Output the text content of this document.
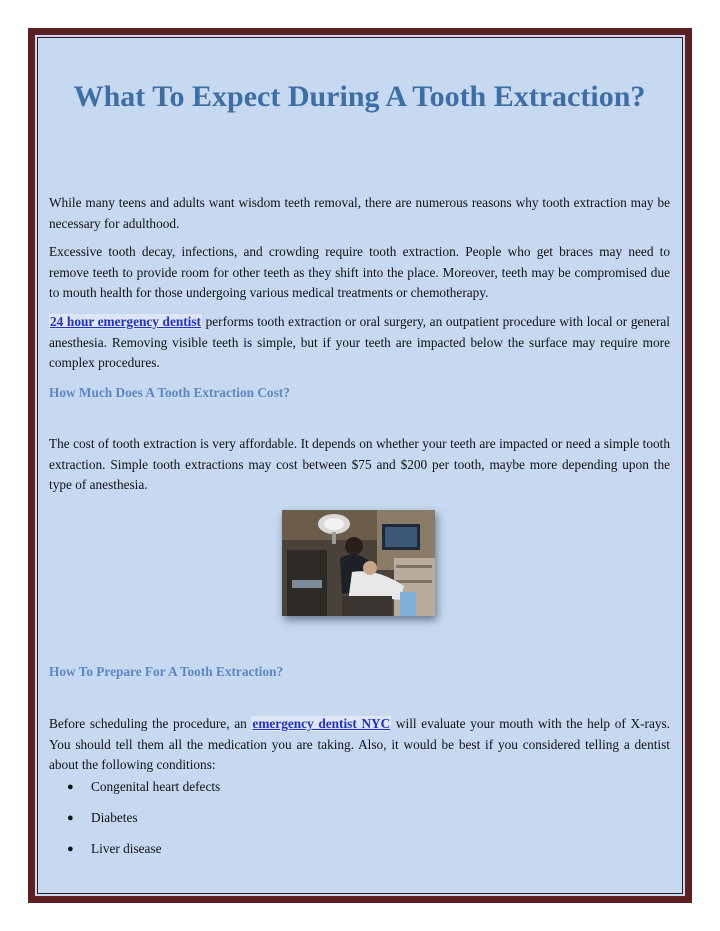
What To Expect During A Tooth Extraction?

While many teens and adults want wisdom teeth removal, there are numerous reasons why tooth extraction may be necessary for adulthood.

Excessive tooth decay, infections, and crowding require tooth extraction. People who get braces may need to remove teeth to provide room for other teeth as they shift into the place. Moreover, teeth may be compromised due to mouth health for those undergoing various medical treatments or chemotherapy.

24 hour emergency dentist performs tooth extraction or oral surgery, an outpatient procedure with local or general anesthesia. Removing visible teeth is simple, but if your teeth are impacted below the surface may require more complex procedures.

How Much Does A Tooth Extraction Cost?

The cost of tooth extraction is very affordable. It depends on whether your teeth are impacted or need a simple tooth extraction. Simple tooth extractions may cost between $75 and $200 per tooth, maybe more depending upon the type of anesthesia.

How To Prepare For A Tooth Extraction?

Before scheduling the procedure, an emergency dentist NYC will evaluate your mouth with the help of X-rays. You should tell them all the medication you are taking. Also, it would be best if you considered telling a dentist about the following conditions:

● Congenital heart defects
● Diabetes
● Liver disease
